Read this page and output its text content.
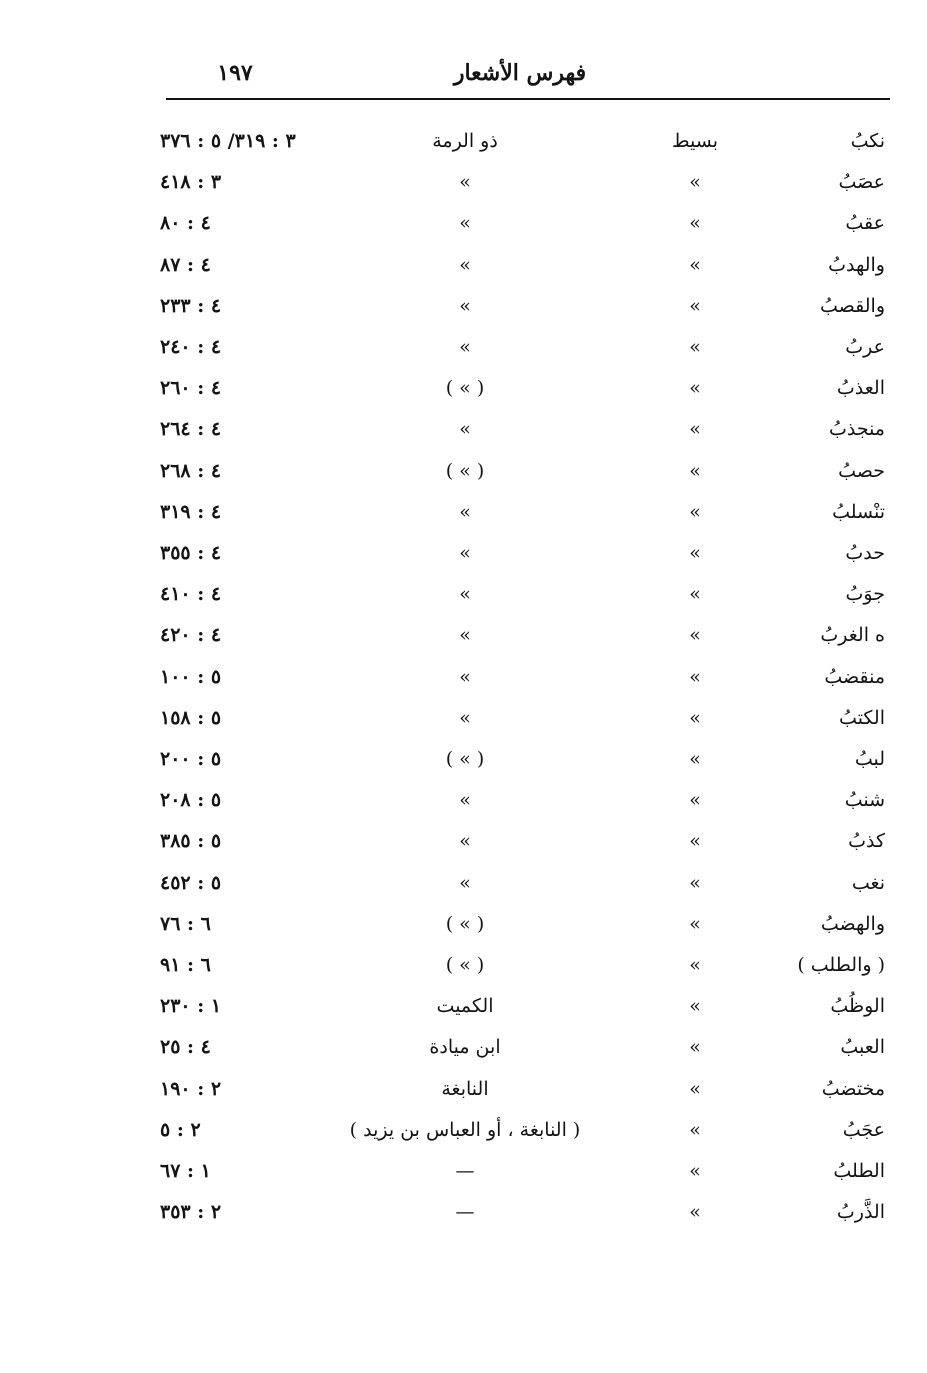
فهرس الأشعار
١٩٧
نكبُ
بسيط
ذو الرمة
٣ : ٣١٩/ ٥ : ٣٧٦
عصَبُ
»
»
٣ : ٤١٨
عقبُ
»
»
٤ : ٨٠
والهدبُ
»
»
٤ : ٨٧
والقصبُ
»
»
٤ : ٢٣٣
عربُ
»
»
٤ : ٢٤٠
العذبُ
»
( » )
٤ : ٢٦٠
منجذبُ
»
»
٤ : ٢٦٤
حصبُ
»
( » )
٤ : ٢٦٨
تنْسلبُ
»
»
٤ : ٣١٩
حدبُ
»
»
٤ : ٣٥٥
جوَبُ
»
»
٤ : ٤١٠
ه الغربُ
»
»
٤ : ٤٢٠
منقضبُ
»
»
٥ : ١٠٠
الكتبُ
»
»
٥ : ١٥٨
لببُ
»
( » )
٥ : ٢٠٠
شنبُ
»
»
٥ : ٢٠٨
كذبُ
»
»
٥ : ٣٨٥
نغب
»
»
٥ : ٤٥٢
والهضبُ
»
( » )
٦ : ٧٦
( والطلب )
»
( » )
٦ : ٩١
الوظُبُ
»
الكميت
١ : ٢٣٠
العببُ
»
ابن ميادة
٤ : ٢٥
مختضبُ
»
النابغة
٢ : ١٩٠
عجَبُ
»
( النابغة ، أو العباس بن يزيد )
٢ : ٥
الطلبُ
»
—
١ : ٦٧
الذَّربُ
»
—
٢ : ٣٥٣
